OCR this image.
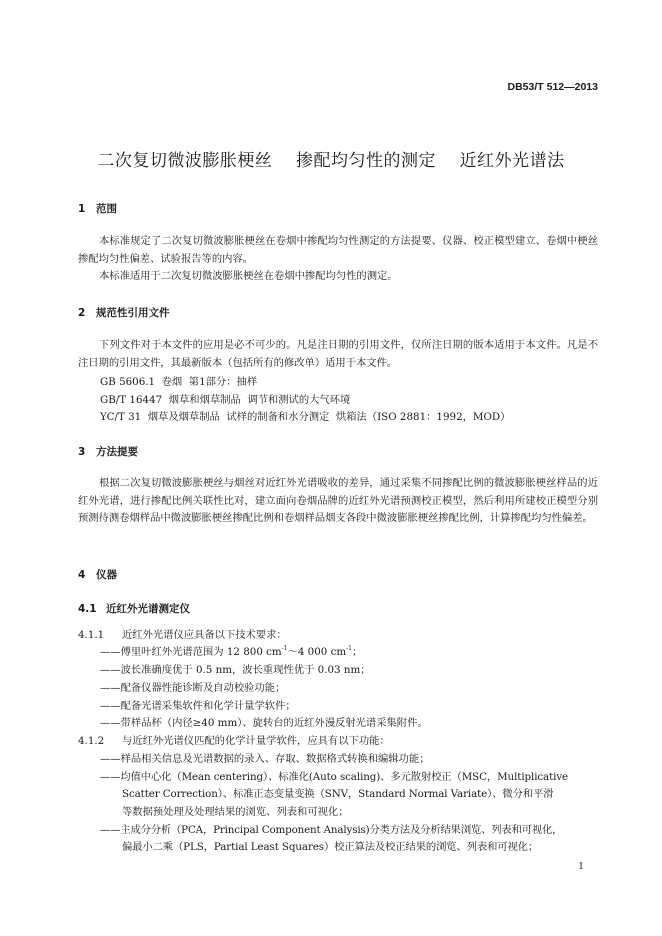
DB53/T 512—2013
二次复切微波膨胀梗丝    掺配均匀性的测定    近红外光谱法
1 范围
本标准规定了二次复切微波膨胀梗丝在卷烟中掺配均匀性测定的方法提要、仪器、校正模型建立、卷烟中梗丝掺配均匀性偏差、试验报告等的内容。
本标准适用于二次复切微波膨胀梗丝在卷烟中掺配均匀性的测定。
2 规范性引用文件
下列文件对于本文件的应用是必不可少的。凡是注日期的引用文件，仅所注日期的版本适用于本文件。凡是不注日期的引用文件，其最新版本（包括所有的修改单）适用于本文件。
GB 5606.1  卷烟  第1部分：抽样
GB/T 16447  烟草和烟草制品  调节和测试的大气环境
YC/T 31  烟草及烟草制品  试样的制备和水分测定  烘箱法（ISO 2881：1992，MOD）
3 方法提要
根据二次复切微波膨胀梗丝与烟丝对近红外光谱吸收的差异，通过采集不同掺配比例的微波膨胀梗丝样品的近红外光谱，进行掺配比例关联性比对，建立面向卷烟品牌的近红外光谱预测校正模型，然后利用所建校正模型分别预测待测卷烟样品中微波膨胀梗丝掺配比例和卷烟样品烟支各段中微波膨胀梗丝掺配比例，计算掺配均匀性偏差。
4 仪器
4.1 近红外光谱测定仪
4.1.1 近红外光谱仪应具备以下技术要求：
——傅里叶红外光谱范围为 12 800 $cm^{-1}\sim 4$ 000 $cm^{-1}$；
——波长准确度优于 0.5 nm，波长重现性优于 0.03 nm；
——配备仪器性能诊断及自动校验功能；
——配备光谱采集软件和化学计量学软件；
——带样品杯（内径≥40 mm）、旋转台的近红外漫反射光谱采集附件。
4.1.2 与近红外光谱仪匹配的化学计量学软件，应具有以下功能：
——样品相关信息及光谱数据的录入、存取、数据格式转换和编辑功能；
——均值中心化（Mean centering）、标准化(Auto scaling)、多元散射校正（MSC，Multiplicative
Scatter Correction）、标准正态变量变换（SNV，Standard Normal Variate）、微分和平滑
等数据预处理及处理结果的浏览、列表和可视化；
——主成分分析（PCA，Principal Component Analysis)分类方法及分析结果浏览、列表和可视化，
偏最小二乘（PLS，Partial Least Squares）校正算法及校正结果的浏览、列表和可视化；
1
